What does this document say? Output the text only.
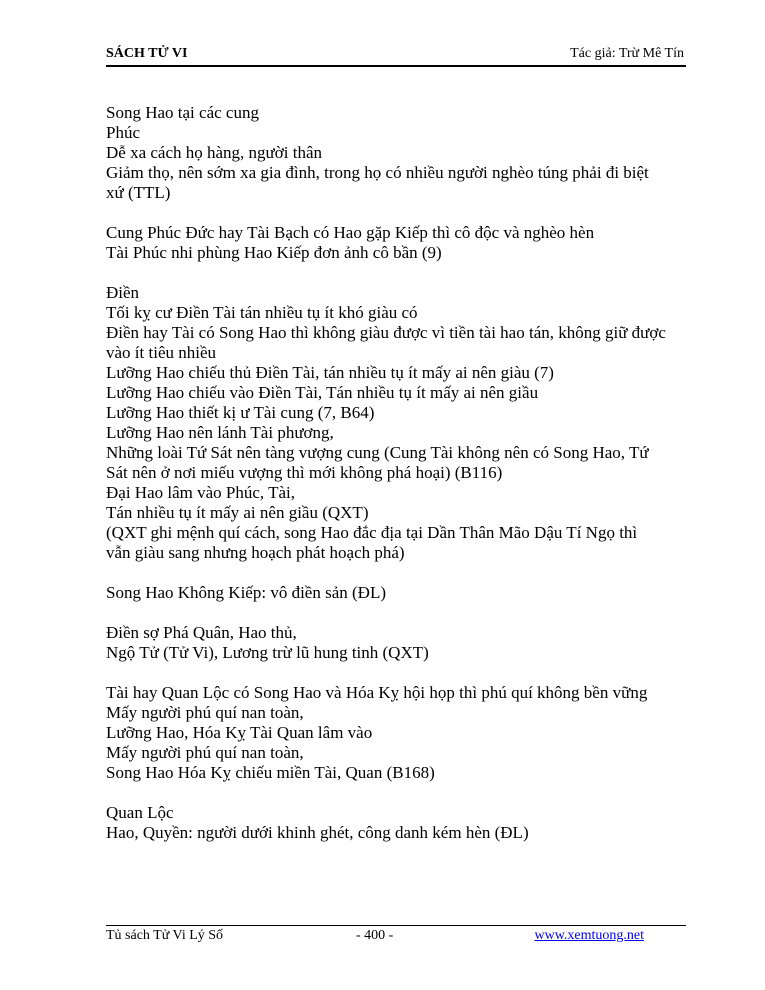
SÁCH TỬ VI	Tác giả: Trừ Mê Tín
Song Hao tại các cung
Phúc
Dễ xa cách họ hàng, người thân
Giảm thọ, nên sớm xa gia đình, trong họ có nhiều người nghèo túng phải đi biệt
xứ (TTL)
Cung Phúc Đức hay Tài Bạch có Hao gặp Kiếp thì cô độc và nghèo hèn
Tài Phúc nhi phùng Hao Kiếp đơn ảnh cô bần (9)
Điền
Tối kỵ cư Điền Tài tán nhiều tụ ít khó giàu có
Điền hay Tài có Song Hao thì không giàu được vì tiền tài hao tán, không giữ được
vào ít tiêu nhiều
Lưỡng Hao chiếu thủ Điền Tài, tán nhiều tụ ít mấy ai nên giàu (7)
Lưỡng Hao chiếu vào Điền Tài, Tán nhiều tụ ít mấy ai nên giầu
Lưỡng Hao thiết kị ư Tài cung (7, B64)
Lưỡng Hao nên lánh Tài phương,
Những loài Tứ Sát nên tàng vượng cung (Cung Tài không nên có Song Hao, Tứ
Sát nên ở nơi miếu vượng thì mới không phá hoại) (B116)
Đại Hao lâm vào Phúc, Tài,
Tán nhiều tụ ít mấy ai nên giầu (QXT)
(QXT ghi mệnh quí cách, song Hao đắc địa tại Dần Thân Mão Dậu Tí Ngọ thì
vẫn giàu sang nhưng hoạch phát hoạch phá)
Song Hao Không Kiếp: vô điền sản (ĐL)
Điền sợ Phá Quân, Hao thủ,
Ngộ Tử (Tử Vi), Lương trừ lũ hung tinh (QXT)
Tài hay Quan Lộc có Song Hao và Hóa Kỵ hội họp thì phú quí không bền vững
Mấy người phú quí nan toàn,
Lưỡng Hao, Hóa Kỵ Tài Quan lâm vào
Mấy người phú quí nan toàn,
Song Hao Hóa Kỵ chiếu miền Tài, Quan (B168)
Quan Lộc
Hao, Quyền: người dưới khinh ghét, công danh kém hèn (ĐL)
Tủ sách Tử Vi Lý Số	- 400 -	www.xemtuong.net
